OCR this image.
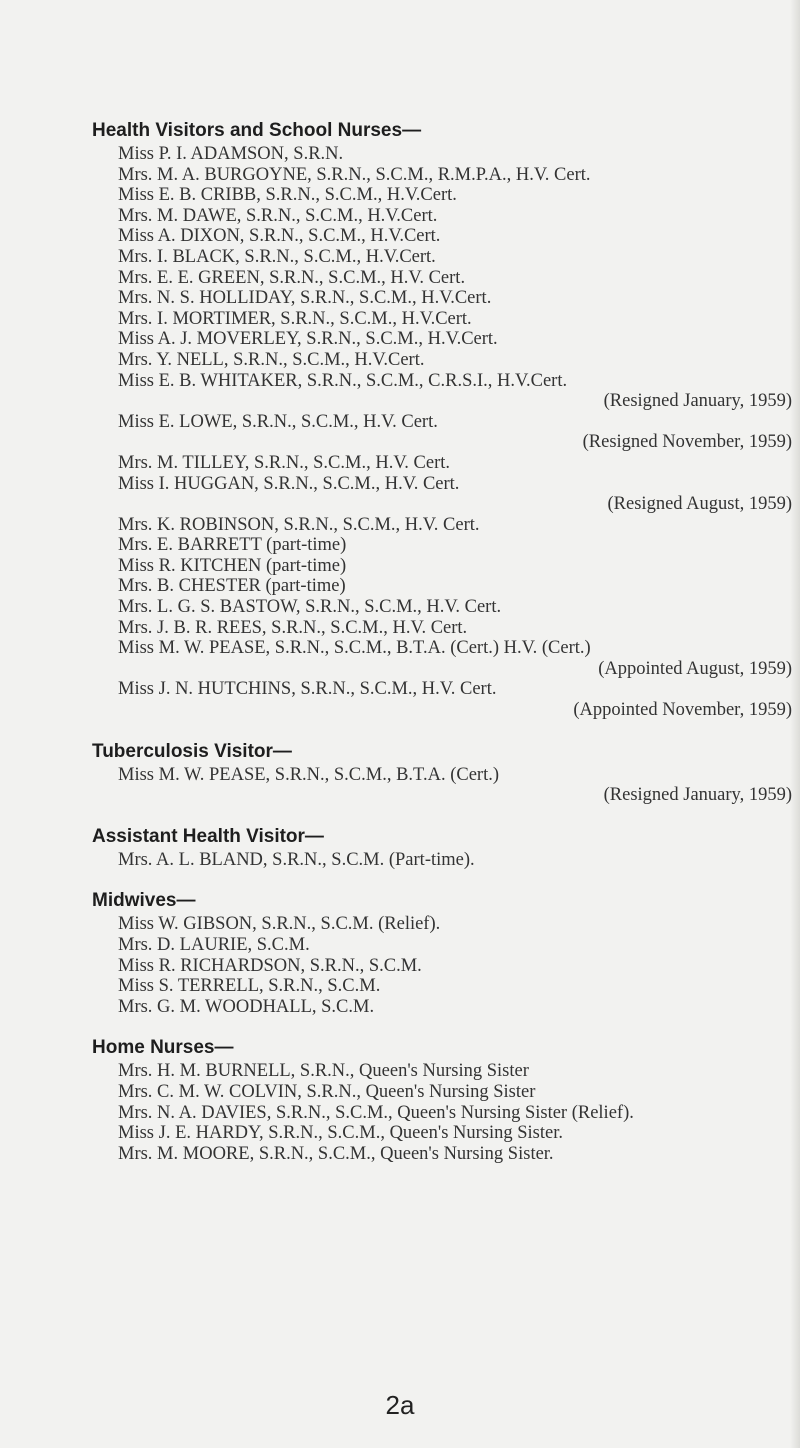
Health Visitors and School Nurses—
Miss P. I. ADAMSON, S.R.N.
Mrs. M. A. BURGOYNE, S.R.N., S.C.M., R.M.P.A., H.V. Cert.
Miss E. B. CRIBB, S.R.N., S.C.M., H.V.Cert.
Mrs. M. DAWE, S.R.N., S.C.M., H.V.Cert.
Miss A. DIXON, S.R.N., S.C.M., H.V.Cert.
Mrs. I. BLACK, S.R.N., S.C.M., H.V.Cert.
Mrs. E. E. GREEN, S.R.N., S.C.M., H.V. Cert.
Mrs. N. S. HOLLIDAY, S.R.N., S.C.M., H.V.Cert.
Mrs. I. MORTIMER, S.R.N., S.C.M., H.V.Cert.
Miss A. J. MOVERLEY, S.R.N., S.C.M., H.V.Cert.
Mrs. Y. NELL, S.R.N., S.C.M., H.V.Cert.
Miss E. B. WHITAKER, S.R.N., S.C.M., C.R.S.I., H.V.Cert.
(Resigned January, 1959)
Miss E. LOWE, S.R.N., S.C.M., H.V. Cert.
(Resigned November, 1959)
Mrs. M. TILLEY, S.R.N., S.C.M., H.V. Cert.
Miss I. HUGGAN, S.R.N., S.C.M., H.V. Cert.
(Resigned August, 1959)
Mrs. K. ROBINSON, S.R.N., S.C.M., H.V. Cert.
Mrs. E. BARRETT (part-time)
Miss R. KITCHEN (part-time)
Mrs. B. CHESTER (part-time)
Mrs. L. G. S. BASTOW, S.R.N., S.C.M., H.V. Cert.
Mrs. J. B. R. REES, S.R.N., S.C.M., H.V. Cert.
Miss M. W. PEASE, S.R.N., S.C.M., B.T.A. (Cert.) H.V. (Cert.)
(Appointed August, 1959)
Miss J. N. HUTCHINS, S.R.N., S.C.M., H.V. Cert.
(Appointed November, 1959)
Tuberculosis Visitor—
Miss M. W. PEASE, S.R.N., S.C.M., B.T.A. (Cert.)
(Resigned January, 1959)
Assistant Health Visitor—
Mrs. A. L. BLAND, S.R.N., S.C.M. (Part-time).
Midwives—
Miss W. GIBSON, S.R.N., S.C.M. (Relief).
Mrs. D. LAURIE, S.C.M.
Miss R. RICHARDSON, S.R.N., S.C.M.
Miss S. TERRELL, S.R.N., S.C.M.
Mrs. G. M. WOODHALL, S.C.M.
Home Nurses—
Mrs. H. M. BURNELL, S.R.N., Queen's Nursing Sister
Mrs. C. M. W. COLVIN, S.R.N., Queen's Nursing Sister
Mrs. N. A. DAVIES, S.R.N., S.C.M., Queen's Nursing Sister (Relief).
Miss J. E. HARDY, S.R.N., S.C.M., Queen's Nursing Sister.
Mrs. M. MOORE, S.R.N., S.C.M., Queen's Nursing Sister.
2a
